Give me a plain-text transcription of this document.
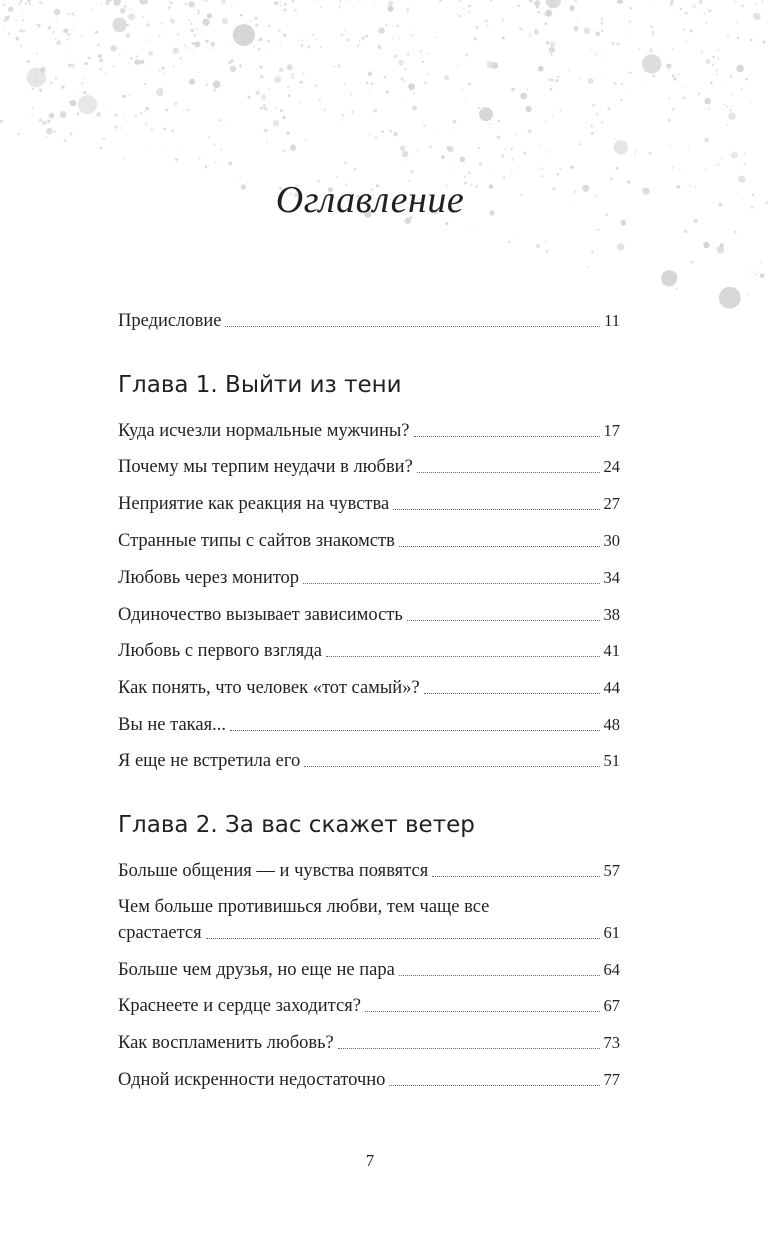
Оглавление
Предисловие	11
Глава 1. Выйти из тени
Куда исчезли нормальные мужчины?	17
Почему мы терпим неудачи в любви?	24
Неприятие как реакция на чувства	27
Странные типы с сайтов знакомств	30
Любовь через монитор	34
Одиночество вызывает зависимость	38
Любовь с первого взгляда	41
Как понять, что человек «тот самый»?	44
Вы не такая...	48
Я еще не встретила его	51
Глава 2. За вас скажет ветер
Больше общения — и чувства появятся	57
Чем больше противишься любви, тем чаще все
срастается	61
Больше чем друзья, но еще не пара	64
Краснеете и сердце заходится?	67
Как воспламенить любовь?	73
Одной искренности недостаточно	77
7
